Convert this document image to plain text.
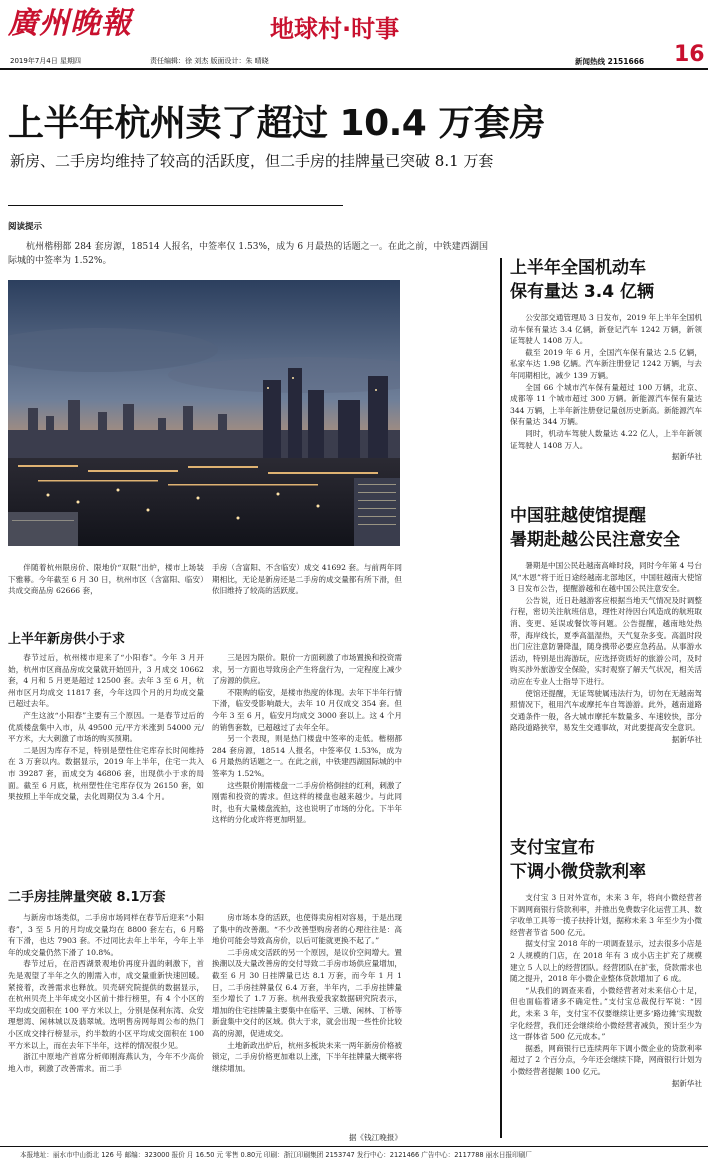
廣州晚報
2019年7月4日 星期四
地球村·时事
责任编辑：徐 刘杰 版面设计：朱 晴晓	新闻热线 2151666 16
上半年杭州卖了超过 10.4 万套房
新房、二手房均维持了较高的活跃度，但二手房的挂牌量已突破 8.1 万套
阅读提示
杭州楷栩都 284 套房源，18514 人报名，中签率仅 1.53%，成为 6 月最热的话题之一。在此之前，中铁建西湖国际城的中签率为 1.52%。
伴随着杭州限房价、限地价“双限”出炉，楼市上场装下雅幕。今年截至 6 月 30 日，杭州市区（含富阳、临安）共成交商品房 62666 套，
手房（含富阳、不含临安）成交 41692 套。与前两年同期相比，无论是新房还是二手房的成交量都有所下滑，但依旧维持了较高的活跃度。
上半年新房供小于求

春节过后，杭州楼市迎来了“小阳春”。今年 3 月开始，杭州市区商品房成交量就开始回升，3 月成交 10662 套，4 月和 5 月更是超过 12500 套。去年 3 至 6 月，杭州市区月均成交 11817 套，今年这四个月的月均成交量已超过去年。

产生这波“小阳春”主要有三个原因。一是春节过后的优质楼盘集中入市，从 49500 元/平方米涨到 54000 元/平方米，大大刺激了市场的购买预期。

二是因为库存不足，特别是塑性住宅库存长时间维持在 3 万套以内。数据显示，2019 年上半年，住宅一共入市 39287 套，而成交为 46806 套，出现供小于求的局面。截至 6 月底，杭州塑性住宅库存仅为 26150 套，如果按照上半年成交量，去化周期仅为 3.4 个月。

三是因为限价。限价一方面刺激了市场置换和投资需求，另一方面也导致房企产生将盘行为，一定程度上减少了房源的供应。

不限购的临安，是楼市热度的体现。去年下半年行情下滑，临安受影响最大，去年 10 月仅成交 354 套。但今年 3 至 6 月，临安月均成交 3000 套以上。这 4 个月的销售套数，已超越过了去年全年。

另一个表现，则是热门楼盘中签率的走低。楷栩都 284 套房源，18514 人报名，中签率仅 1.53%，成为 6 月最热的话题之一。在此之前，中铁建西湖国际城的中签率为 1.52%。

这些限价刚需楼盘一二手房价格倒挂的红利，刺激了刚需和投资的需求。但这样的楼盘也越来越少。与此同时，也有大量楼盘流拍，这也说明了市场的分化。下半年这样的分化或许将更加明显。

二手房挂牌量突破 8.1万套

与新房市场类似，二手房市场同样在春节后迎来“小阳春”，3 至 5 月的月均成交量均在 8800 套左右，6 月略有下滑，也达 7903 套。不过同比去年上半年，今年上半年的成交量仍然下滑了 10.8%。

春节过后，在沿西湖景观地价再度升温的刺激下，首先是观望了半年之久的刚需入市，成交量重新快速回暖。紧接着，改善需求也释放。贝壳研究院提供的数据显示，在杭州贝壳上半年成交小区前十排行榜里，有 4 个小区的平均成交面积在 100 平方米以上，分别是保利东湾、众安理想湾、闲林城以及翡翠城。选明售房网每周公布的热门小区成交排行榜显示，约半数的小区平均成交面积在 100 平方米以上，而在去年下半年，这样的情况很少见。

浙江中原地产首席分析师刚海燕认为，今年不少高价地入市，刺激了改善需求。而二手

房市场本身的活跃，也使得卖房相对容易，于是出现了集中的改善潮。“不少改善型购房者的心理往往是：高地价可能会导致高房价，以后可能就更换不起了。”

二手房成交活跃的另一个原因，是议价空间增大。置换潮以及大量改善房的交付导致二手房市场供应量增加，截至 6 月 30 日挂牌量已达 8.1 万套，而今年 1 月 1 日，二手房挂牌量仅 6.4 万套，半年内，二手房挂牌量至少增长了 1.7 万套。杭州我爱我家数据研究院表示，增加的住宅挂牌量主要集中在临平、三墩、闲林、丁桥等新盘集中交付的区域。供大于求，就会出现一些性价比较高的房源，促进成交。

土地新政出炉后，杭州多板块未来一两年新房价格被锁定，二手房价格更加难以上涨，下半年挂牌量大概率将继续增加。

据《钱江晚报》
上半年全国机动车
保有量达 3.4 亿辆

公安部交通管理局 3 日发布，2019 年上半年全国机动车保有量达 3.4 亿辆，新登记汽车 1242 万辆，新领证驾驶人 1408 万人。

截至 2019 年 6 月，全国汽车保有量达 2.5 亿辆，私家车达 1.98 亿辆。汽车新注册登记 1242 万辆，与去年同期相比，减少 139 万辆。

全国 66 个城市汽车保有量超过 100 万辆，北京、成都等 11 个城市超过 300 万辆。新能源汽车保有量达 344 万辆，上半年新注册登记量创历史新高。新能源汽车保有量达 344 万辆。

同时，机动车驾驶人数量达 4.22 亿人，上半年新领证驾驶人 1408 万人。

据新华社
中国驻越使馆提醒
暑期赴越公民注意安全

暑期是中国公民赴越南高峰时段，同时今年第 4 号台风“木恩”将于近日途经越南北部地区，中国驻越南大使馆 3 日发布公告，提醒游越和在越中国公民注意安全。

公告说，近日赴越游客应根据当地天气情况及时调整行程，密切关注航班信息，理性对待因台风造成的航班取消、变更、延误或餐饮等问题。公告提醒，越南地处热带，海岸线长，夏季高温湿热，天气复杂多变。高温时段出门应注意防暑降温，随身携带必要应急药品。从事游水活动，特别是出海游玩，应选择资质好的旅游公司，及时购买涉外旅游安全保险，实时观察了解天气状况，相关活动应在专业人士指导下进行。

使馆还提醒，无证驾驶属违法行为，切勿在无越南驾照情况下，租用汽车或摩托车自驾游游。此外，越南道路交通条件一般，各大城市摩托车数量多、车速较快，部分路段道路狭窄，易发生交通事故，对此要提高安全意识。

据新华社
支付宝宣布
下调小微贷款利率

支付宝 3 日对外宣布，未来 3 年，将向小微经营者下调网商银行贷款利率，并推出免费数字化运营工具、数字收单工具等一揽子扶持计划，据称未来 3 年至少为小微经营者节省 500 亿元。

据支付宝 2018 年的一项调查显示，过去很多小店是 2 人规模的门店，在 2018 年有 3 成小店主扩充了规模建立 5 人以上的经营团队。经营团队在扩张，贷款需求也随之提升，2018 年小微企业整体贷款增加了 6 成。

“从我们的调查来看，小微经营者对未来信心十足，但也面临着诸多不确定性。”支付宝总裁倪行军说：“因此，未来 3 年，支付宝不仅要继续让更多‘路边摊’实现数字化经营，我们还会继续给小微经营者减负，预计至少为这一群体省 500 亿元成本。”

据悉，网商银行已连续两年下调小微企业的贷款利率超过了 2 个百分点，今年还会继续下降，网商银行计划为小微经营者提额 100 亿元。

据新华社
本报地址：丽水市中山街北 126 号 邮编：323000 报价 月 16.50 元 零售 0.80元 印刷：浙江印刷集团 2153747 发行中心：2121466 广告中心：2117788 丽水日报印刷厂
